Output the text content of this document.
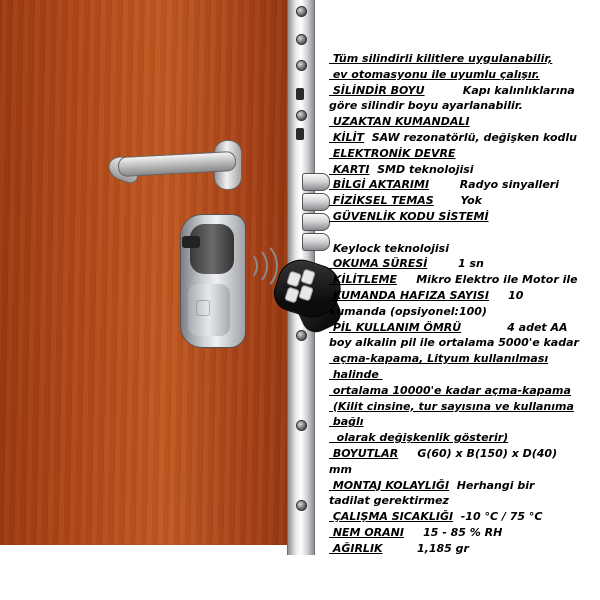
Tüm silindirli kilitlere uygulanabilir,
ev otomasyonu ile uyumlu çalışır.
SİLİNDİR BOYU          Kapı kalınlıklarına
göre silindir boyu ayarlanabilir.
UZAKTAN KUMANDALI
KİLİT  SAW rezonatörlü, değişken kodlu
ELEKTRONİK DEVRE
KARTI  SMD teknolojisi
BİLGİ AKTARIMI        Radyo sinyalleri
FİZİKSEL TEMAS       Yok
GÜVENLİK KODU SİSTEMİ

Keylock teknolojisi
OKUMA SÜRESİ        1 sn
KİLİTLEME     Mikro Elektro ile Motor ile
KUMANDA HAFIZA SAYISI     10
kumanda (opsiyonel:100)
PİL KULLANIM ÖMRÜ            4 adet AA
boy alkalin pil ile ortalama 5000'e kadar
açma-kapama, Lityum kullanılması
halinde
ortalama 10000'e kadar açma-kapama
(Kilit cinsine, tur sayısına ve kullanıma
bağlı
olarak değişkenlik gösterir)
BOYUTLAR     G(60) x B(150) x D(40)
mm
MONTAJ KOLAYLIĞI  Herhangi bir
tadilat gerektirmez
ÇALIŞMA SICAKLIĞI  -10 °C / 75 °C
NEM ORANI     15 - 85 % RH
AĞIRLIK         1,185 gr
